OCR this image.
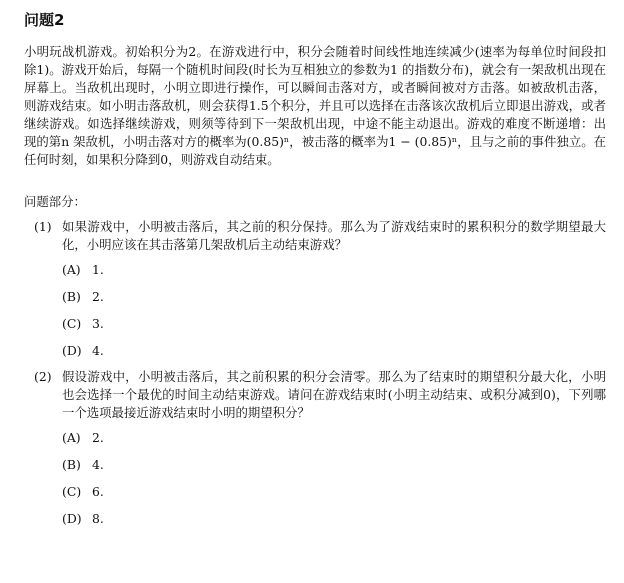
问题2

小明玩战机游戏。初始积分为2。在游戏进行中，积分会随着时间线性地连续减少(速率为每单位时间段扣除1)。游戏开始后，每隔一个随机时间段(时长为互相独立的参数为1 的指数分布)，就会有一架敌机出现在屏幕上。当敌机出现时，小明立即进行操作，可以瞬间击落对方，或者瞬间被对方击落。如被敌机击落，则游戏结束。如小明击落敌机，则会获得1.5个积分，并且可以选择在击落该次敌机后立即退出游戏，或者继续游戏。如选择继续游戏，则须等待到下一架敌机出现，中途不能主动退出。游戏的难度不断递增：出现的第n 架敌机，小明击落对方的概率为(0.85)ⁿ，被击落的概率为1 − (0.85)ⁿ，且与之前的事件独立。在任何时刻，如果积分降到0，则游戏自动结束。

问题部分：
(1) 如果游戏中，小明被击落后，其之前的积分保持。那么为了游戏结束时的累积积分的数学期望最大化，小明应该在其击落第几架敌机后主动结束游戏？
(A) 1.
(B) 2.
(C) 3.
(D) 4.
(2) 假设游戏中，小明被击落后，其之前积累的积分会清零。那么为了结束时的期望积分最大化，小明也会选择一个最优的时间主动结束游戏。请问在游戏结束时(小明主动结束、或积分减到0)，下列哪一个选项最接近游戏结束时小明的期望积分？
(A) 2.
(B) 4.
(C) 6.
(D) 8.
